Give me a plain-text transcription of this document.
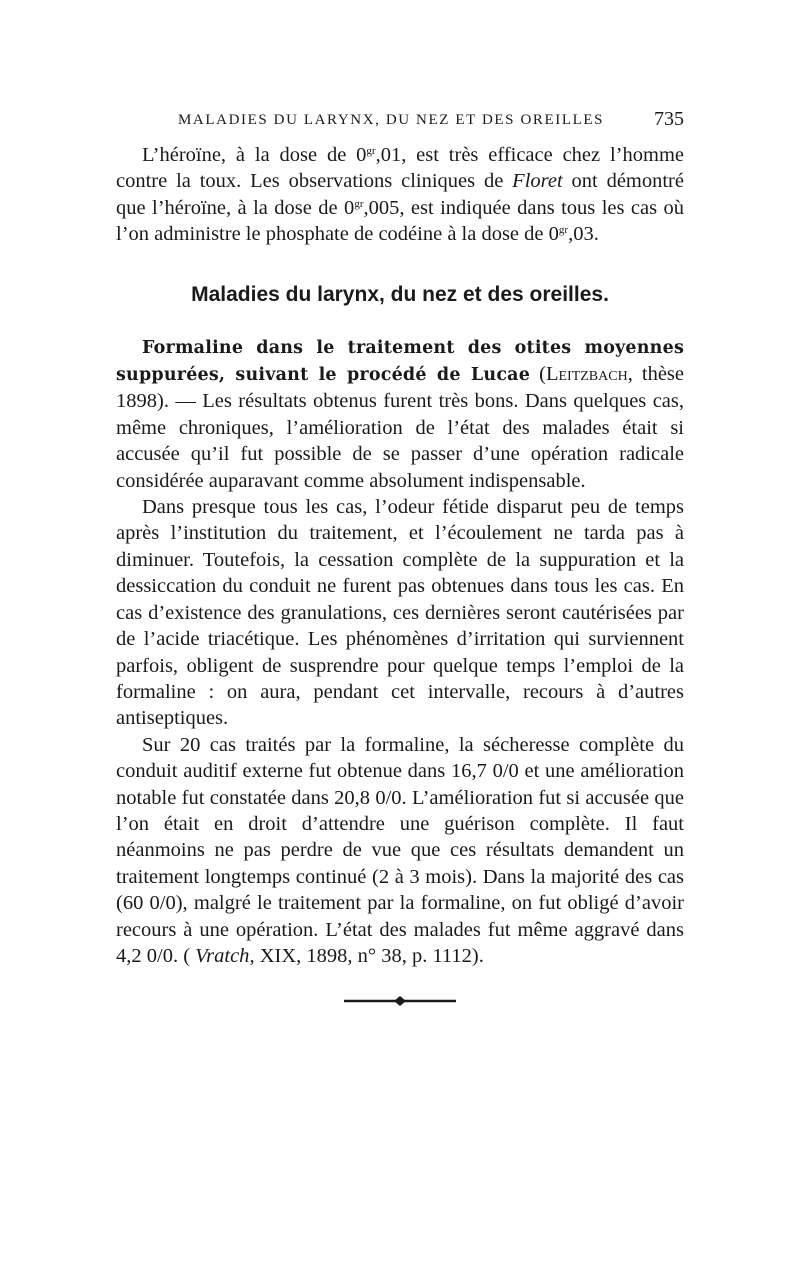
MALADIES DU LARYNX, DU NEZ ET DES OREILLES 735

L’héroïne, à la dose de $0^{gr},01$, est très efficace chez l’homme contre la toux. Les observations cliniques de Floret ont démontré que l’héroïne, à la dose de $0^{gr},005$, est indiquée dans tous les cas où l’on administre le phosphate de codéine à la dose de $0^{gr},03$.

Maladies du larynx, du nez et des oreilles.

Formaline dans le traitement des otites moyennes suppurées, suivant le procédé de Lucae (Leitzbach, thèse 1898). — Les résultats obtenus furent très bons. Dans quelques cas, même chroniques, l’amélioration de l’état des malades était si accusée qu’il fut possible de se passer d’une opération radicale considérée auparavant comme absolument indispensable.

Dans presque tous les cas, l’odeur fétide disparut peu de temps après l’institution du traitement, et l’écoulement ne tarda pas à diminuer. Toutefois, la cessation complète de la suppuration et la dessiccation du conduit ne furent pas obtenues dans tous les cas. En cas d’existence des granulations, ces dernières seront cautérisées par de l’acide triacétique. Les phénomènes d’irritation qui surviennent parfois, obligent de susprendre pour quelque temps l’emploi de la formaline : on aura, pendant cet intervalle, recours à d’autres antiseptiques.

Sur 20 cas traités par la formaline, la sécheresse complète du conduit auditif externe fut obtenue dans 16,7 0/0 et une amélioration notable fut constatée dans 20,8 0/0. L’amélioration fut si accusée que l’on était en droit d’attendre une guérison complète. Il faut néanmoins ne pas perdre de vue que ces résultats demandent un traitement longtemps continué (2 à 3 mois). Dans la majorité des cas (60 0/0), malgré le traitement par la formaline, on fut obligé d’avoir recours à une opération. L’état des malades fut même aggravé dans 4,2 0/0. ( Vratch, XIX, 1898, n° 38, p. 1112).
